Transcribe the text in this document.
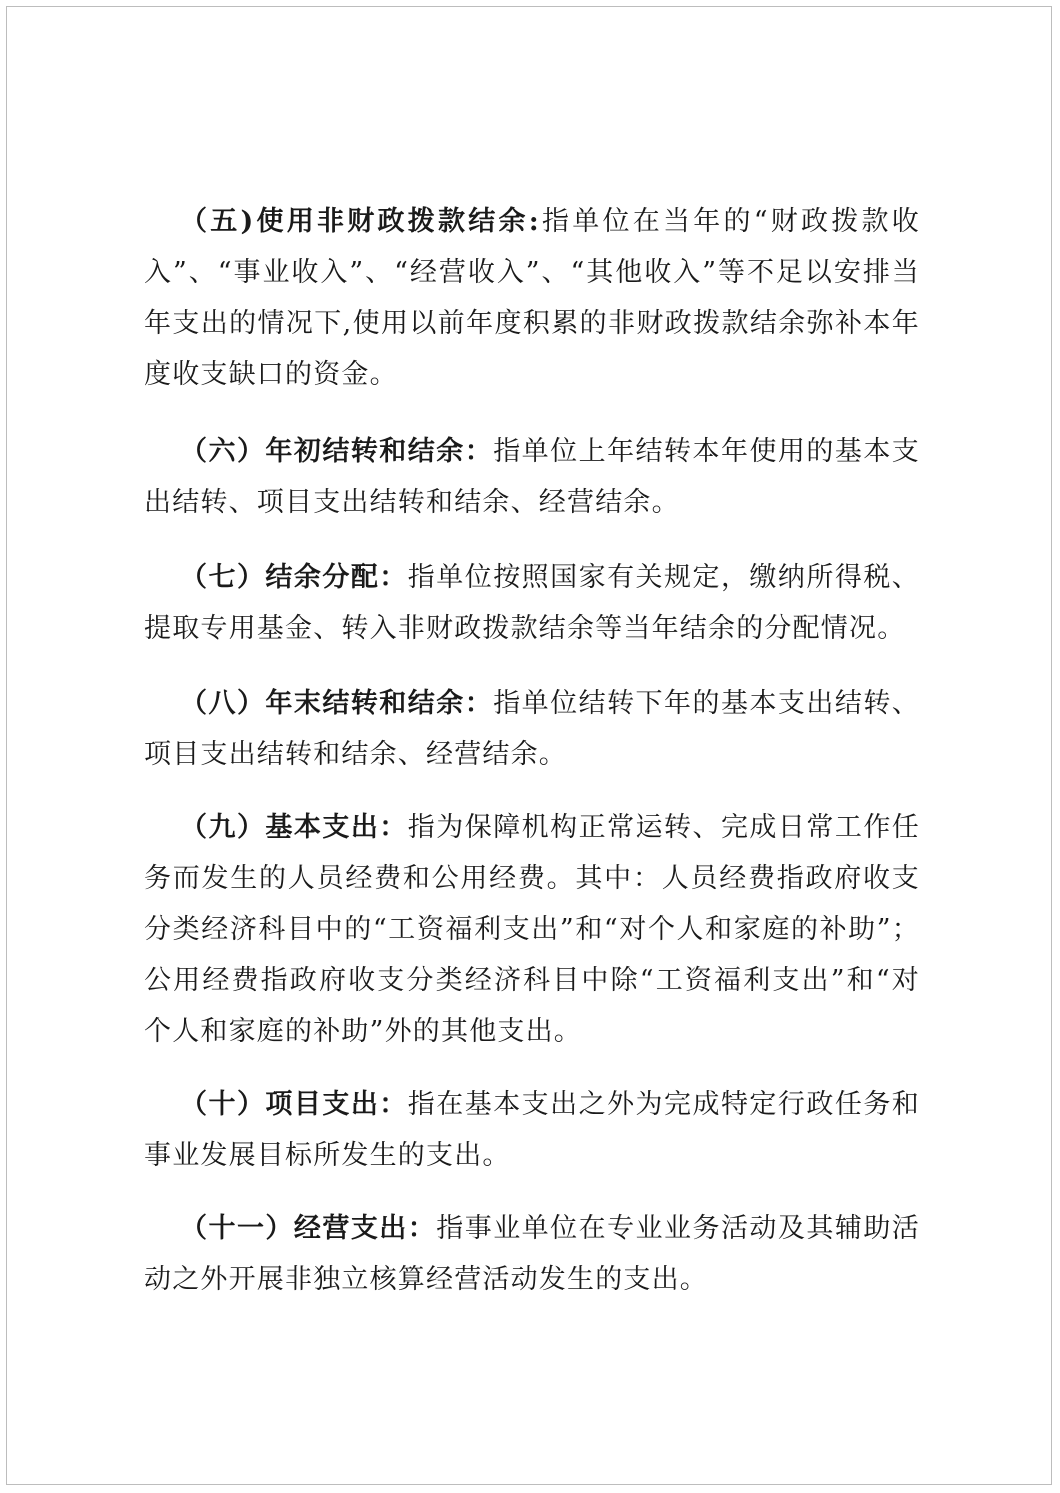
（五)使用非财政拨款结余:指单位在当年的“财政拨款收入”、“事业收入”、“经营收入”、“其他收入”等不足以安排当年支出的情况下,使用以前年度积累的非财政拨款结余弥补本年度收支缺口的资金。

（六）年初结转和结余：指单位上年结转本年使用的基本支出结转、项目支出结转和结余、经营结余。

（七）结余分配：指单位按照国家有关规定，缴纳所得税、提取专用基金、转入非财政拨款结余等当年结余的分配情况。

（八）年末结转和结余：指单位结转下年的基本支出结转、项目支出结转和结余、经营结余。

（九）基本支出：指为保障机构正常运转、完成日常工作任务而发生的人员经费和公用经费。其中：人员经费指政府收支分类经济科目中的“工资福利支出”和“对个人和家庭的补助”；公用经费指政府收支分类经济科目中除“工资福利支出”和“对个人和家庭的补助”外的其他支出。

（十）项目支出：指在基本支出之外为完成特定行政任务和事业发展目标所发生的支出。

（十一）经营支出：指事业单位在专业业务活动及其辅助活动之外开展非独立核算经营活动发生的支出。
